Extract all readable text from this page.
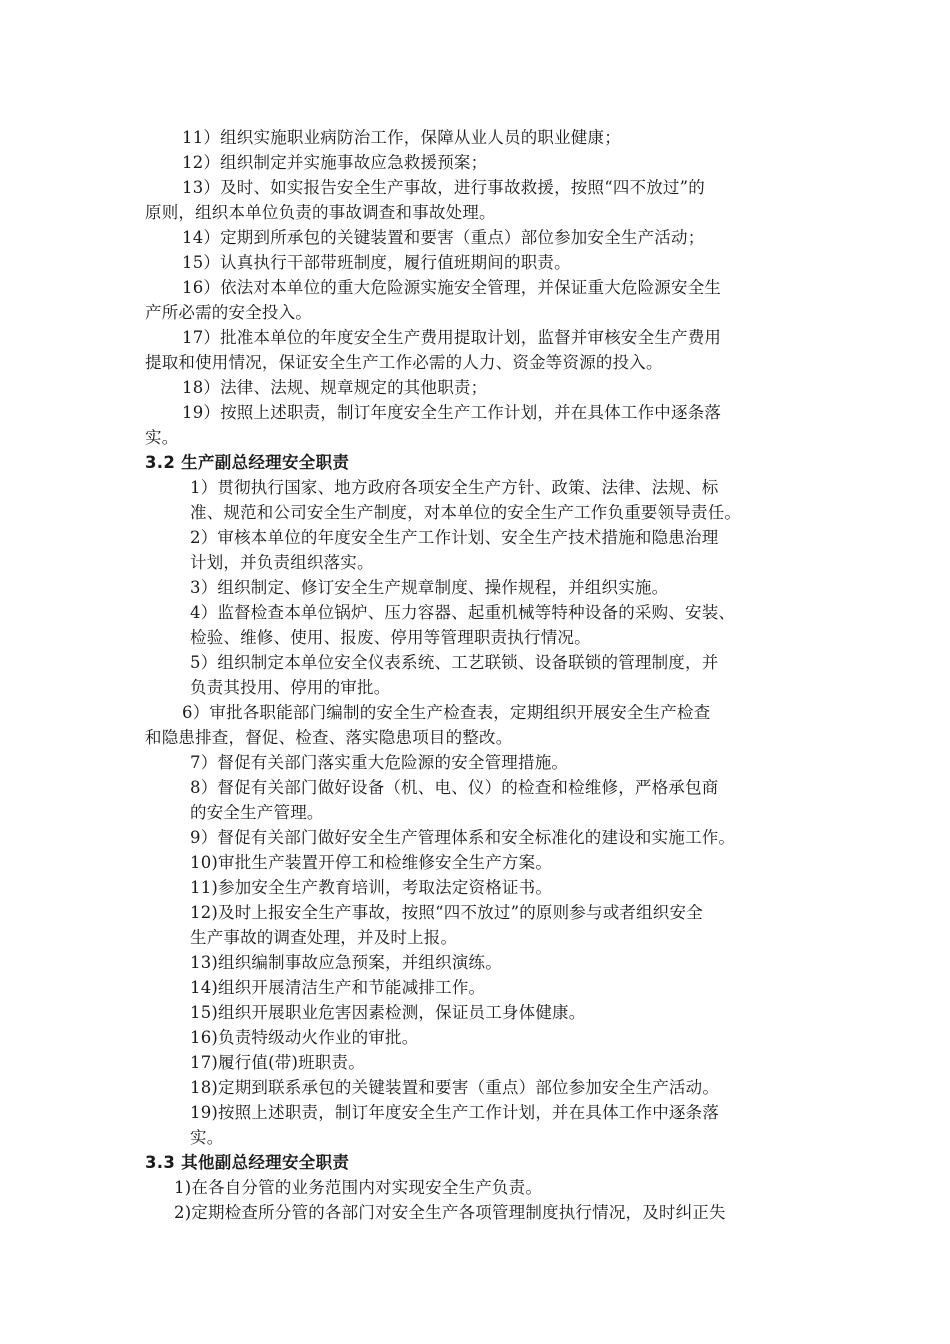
11）组织实施职业病防治工作，保障从业人员的职业健康；

12）组织制定并实施事故应急救援预案；

13）及时、如实报告安全生产事故，进行事故救援，按照“四不放过”的

原则，组织本单位负责的事故调查和事故处理。

14）定期到所承包的关键装置和要害（重点）部位参加安全生产活动；

15）认真执行干部带班制度，履行值班期间的职责。

16）依法对本单位的重大危险源实施安全管理，并保证重大危险源安全生

产所必需的安全投入。

17）批准本单位的年度安全生产费用提取计划，监督并审核安全生产费用

提取和使用情况，保证安全生产工作必需的人力、资金等资源的投入。

18）法律、法规、规章规定的其他职责；

19）按照上述职责，制订年度安全生产工作计划，并在具体工作中逐条落

实。

3.2 生产副总经理安全职责

1）贯彻执行国家、地方政府各项安全生产方针、政策、法律、法规、标

准、规范和公司安全生产制度，对本单位的安全生产工作负重要领导责任。

2）审核本单位的年度安全生产工作计划、安全生产技术措施和隐患治理

计划，并负责组织落实。

3）组织制定、修订安全生产规章制度、操作规程，并组织实施。

4）监督检查本单位锅炉、压力容器、起重机械等特种设备的采购、安装、

检验、维修、使用、报废、停用等管理职责执行情况。

5）组织制定本单位安全仪表系统、工艺联锁、设备联锁的管理制度，并

负责其投用、停用的审批。

6）审批各职能部门编制的安全生产检查表，定期组织开展安全生产检查

和隐患排查，督促、检查、落实隐患项目的整改。

7）督促有关部门落实重大危险源的安全管理措施。

8）督促有关部门做好设备（机、电、仪）的检查和检维修，严格承包商

的安全生产管理。

9）督促有关部门做好安全生产管理体系和安全标准化的建设和实施工作。

10)审批生产装置开停工和检维修安全生产方案。

11)参加安全生产教育培训，考取法定资格证书。

12)及时上报安全生产事故，按照“四不放过”的原则参与或者组织安全

生产事故的调查处理，并及时上报。

13)组织编制事故应急预案，并组织演练。

14)组织开展清洁生产和节能减排工作。

15)组织开展职业危害因素检测，保证员工身体健康。

16)负责特级动火作业的审批。

17)履行值(带)班职责。

18)定期到联系承包的关键装置和要害（重点）部位参加安全生产活动。

19)按照上述职责，制订年度安全生产工作计划，并在具体工作中逐条落

实。

3.3 其他副总经理安全职责

1)在各自分管的业务范围内对实现安全生产负责。

2)定期检查所分管的各部门对安全生产各项管理制度执行情况，及时纠正失
